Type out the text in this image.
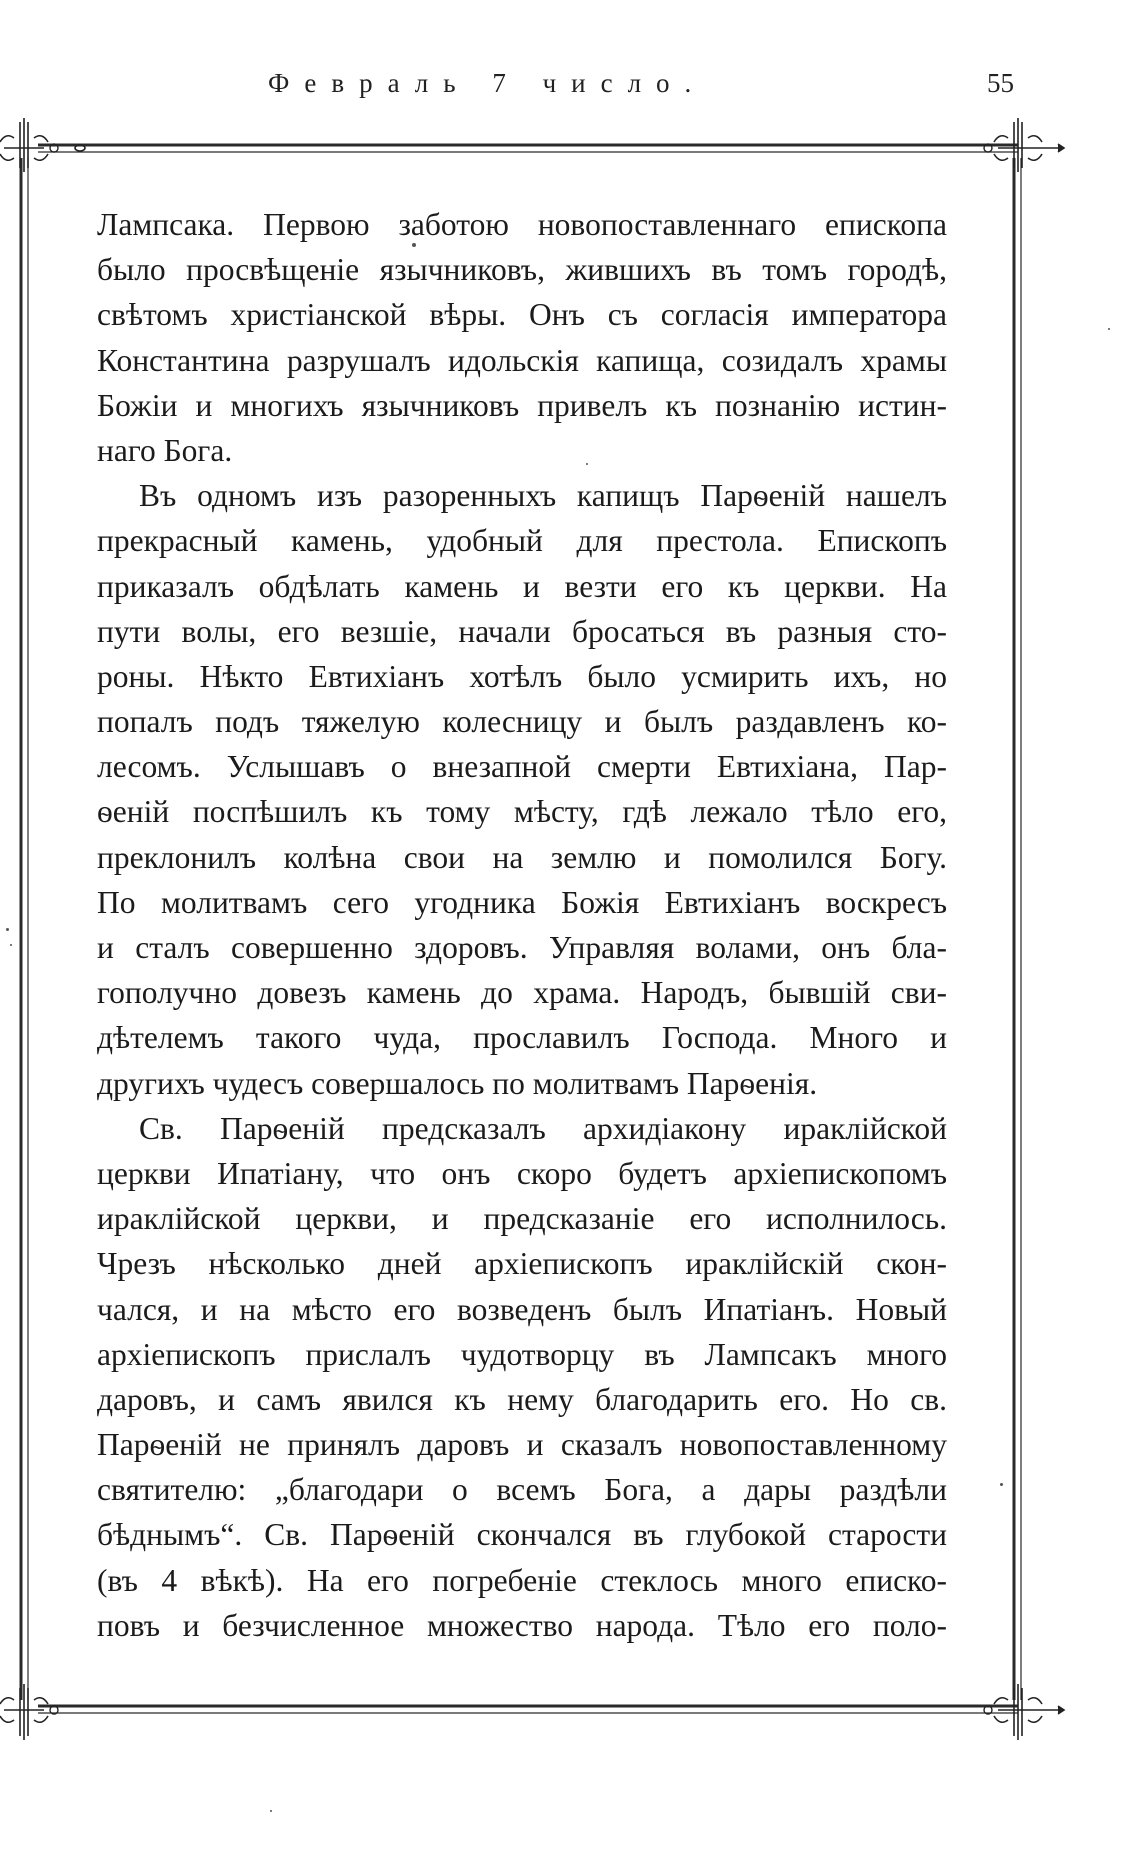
Февраль 7 число.	55
Лампсака. Первою заботою новопоставленнаго епископа
было просвѣщеніе язычниковъ, жившихъ въ томъ городѣ,
свѣтомъ христіанской вѣры. Онъ съ согласія императора
Константина разрушалъ идольскія капища, созидалъ храмы
Божіи и многихъ язычниковъ привелъ къ познанію истин-
наго Бога.
Въ одномъ изъ разоренныхъ капищъ Парѳеній нашелъ
прекрасный камень, удобный для престола. Епископъ
приказалъ обдѣлать камень и везти его къ церкви. На
пути волы, его везшіе, начали бросаться въ разныя сто-
роны. Нѣкто Евтихіанъ хотѣлъ было усмирить ихъ, но
попалъ подъ тяжелую колесницу и былъ раздавленъ ко-
лесомъ. Услышавъ о внезапной смерти Евтихіана, Пар-
ѳеній поспѣшилъ къ тому мѣсту, гдѣ лежало тѣло его,
преклонилъ колѣна свои на землю и помолился Богу.
По молитвамъ сего угодника Божія Евтихіанъ воскресъ
и сталъ совершенно здоровъ. Управляя волами, онъ бла-
гополучно довезъ камень до храма. Народъ, бывшій сви-
дѣтелемъ такого чуда, прославилъ Господа. Много и
другихъ чудесъ совершалось по молитвамъ Парѳенія.
Св. Парѳеній предсказалъ архидіакону ираклійской
церкви Ипатіану, что онъ скоро будетъ архіепископомъ
ираклійской церкви, и предсказаніе его исполнилось.
Чрезъ нѣсколько дней архіепископъ ираклійскій скон-
чался, и на мѣсто его возведенъ былъ Ипатіанъ. Новый
архіепископъ прислалъ чудотворцу въ Лампсакъ много
даровъ, и самъ явился къ нему благодарить его. Но св.
Парѳеній не принялъ даровъ и сказалъ новопоставленному
святителю: „благодари о всемъ Бога, а дары раздѣли
бѣднымъ“. Св. Парѳеній скончался въ глубокой старости
(въ 4 вѣкѣ). На его погребеніе стеклось много еписко-
повъ и безчисленное множество народа. Тѣло его поло-
